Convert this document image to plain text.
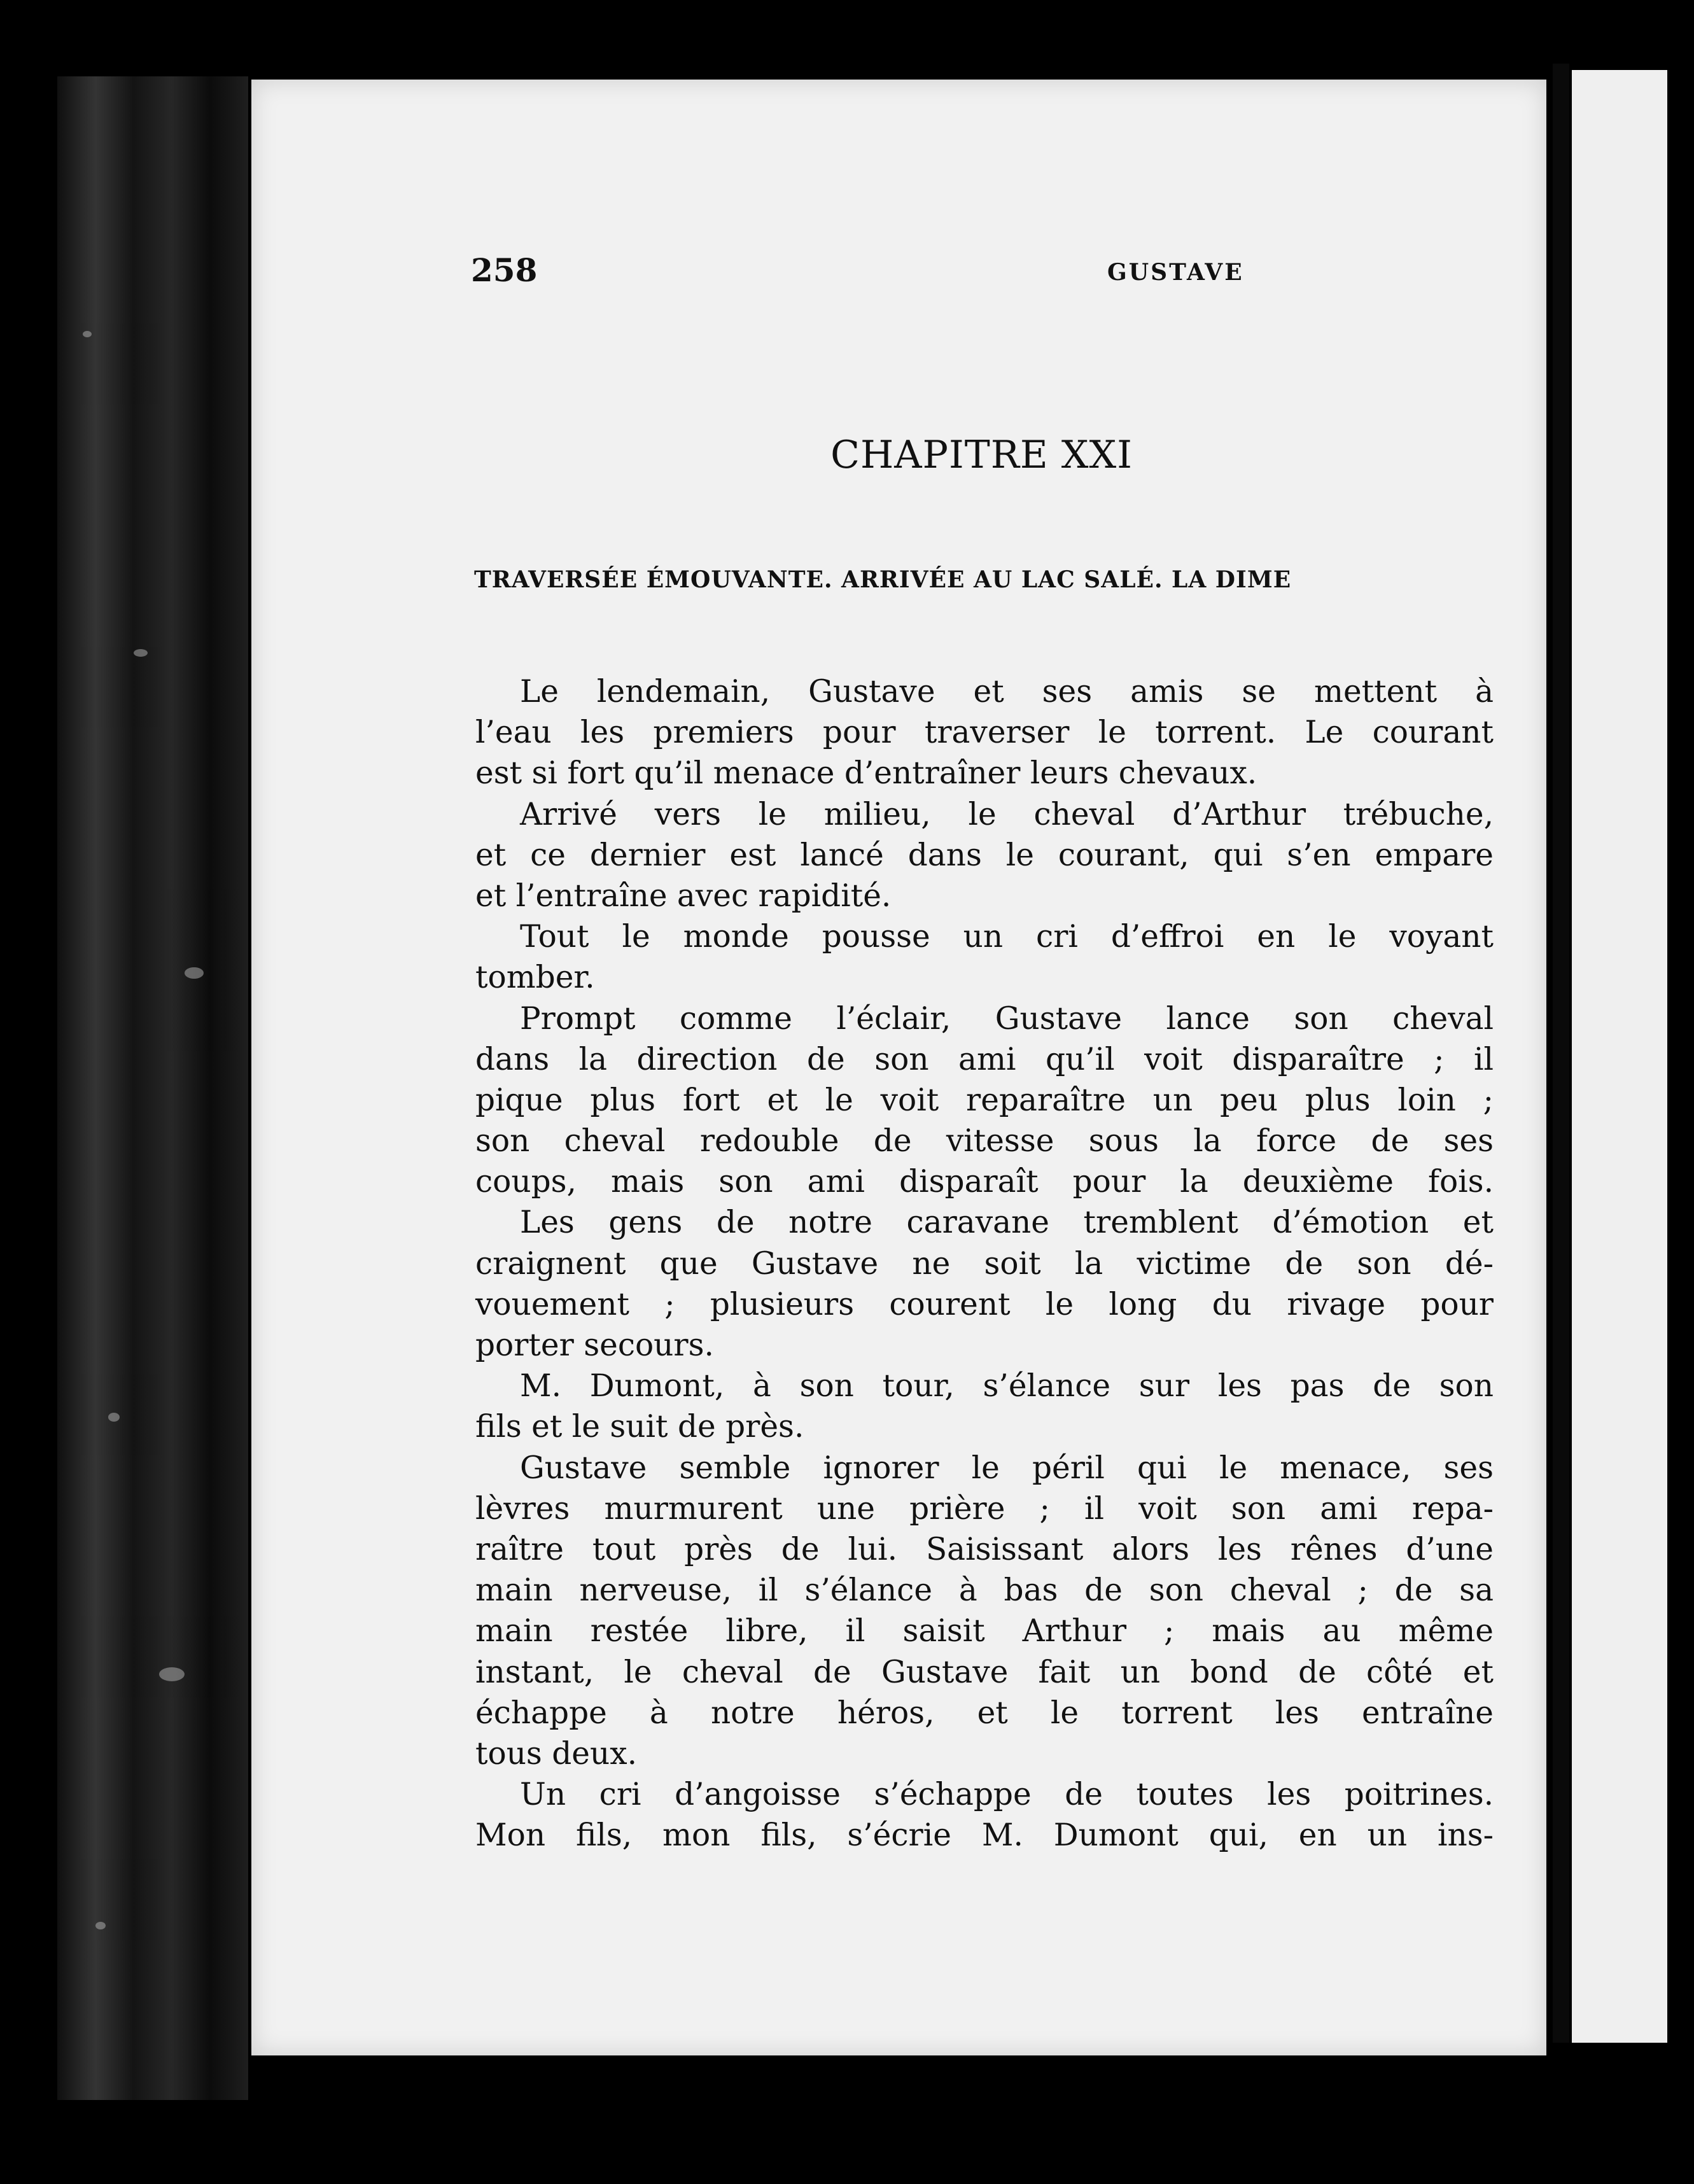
258	GUSTAVE
CHAPITRE XXI
TRAVERSÉE ÉMOUVANTE. ARRIVÉE AU LAC SALÉ. LA DIME
Le lendemain, Gustave et ses amis se mettent à
l’eau les premiers pour traverser le torrent. Le courant
est si fort qu’il menace d’entraîner leurs chevaux.
Arrivé vers le milieu, le cheval d’Arthur trébuche,
et ce dernier est lancé dans le courant, qui s’en empare
et l’entraîne avec rapidité.
Tout le monde pousse un cri d’effroi en le voyant
tomber.
Prompt comme l’éclair, Gustave lance son cheval
dans la direction de son ami qu’il voit disparaître ; il
pique plus fort et le voit reparaître un peu plus loin ;
son cheval redouble de vitesse sous la force de ses
coups, mais son ami disparaît pour la deuxième fois.
Les gens de notre caravane tremblent d’émotion et
craignent que Gustave ne soit la victime de son dé-
vouement ; plusieurs courent le long du rivage pour
porter secours.
M. Dumont, à son tour, s’élance sur les pas de son
fils et le suit de près.
Gustave semble ignorer le péril qui le menace, ses
lèvres murmurent une prière ; il voit son ami repa-
raître tout près de lui. Saisissant alors les rênes d’une
main nerveuse, il s’élance à bas de son cheval ; de sa
main restée libre, il saisit Arthur ; mais au même
instant, le cheval de Gustave fait un bond de côté et
échappe à notre héros, et le torrent les entraîne
tous deux.
Un cri d’angoisse s’échappe de toutes les poitrines.
Mon fils, mon fils, s’écrie M. Dumont qui, en un ins-
